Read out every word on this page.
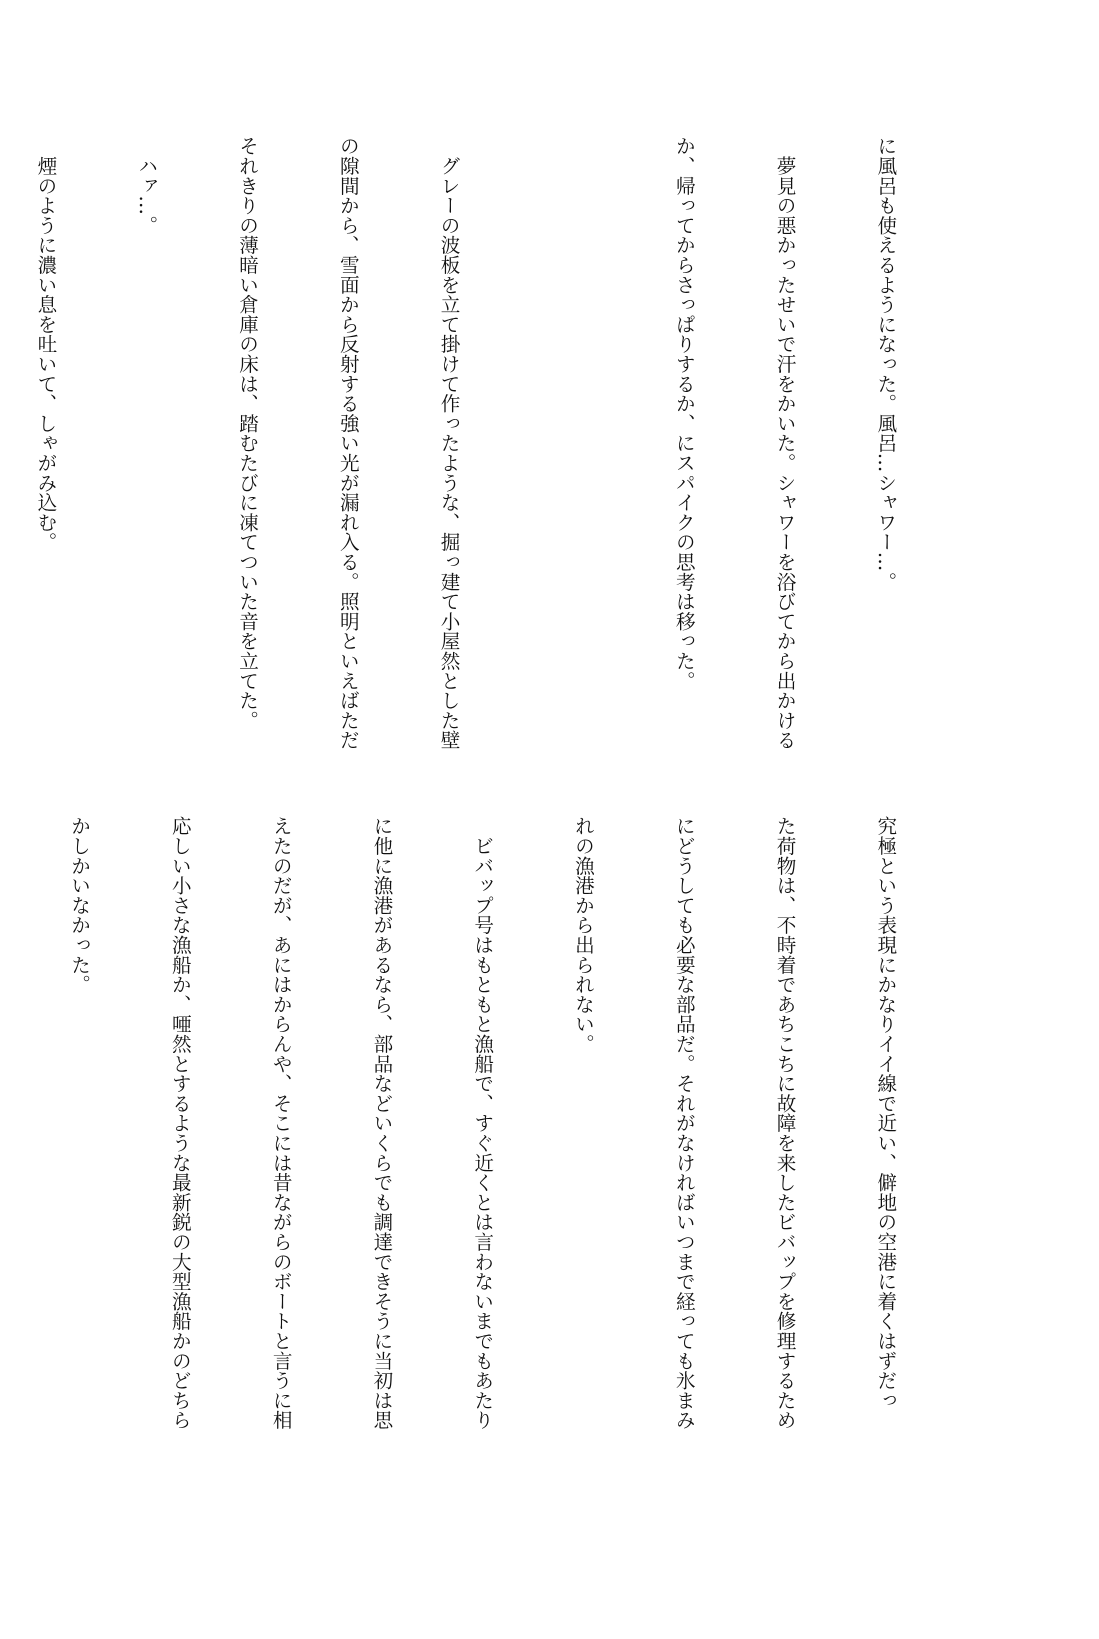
に風呂も使えるようになった。風呂…シャワー…。

　夢見の悪かったせいで汗をかいた。シャワーを浴びてから出かける

か、帰ってからさっぱりするか、にスパイクの思考は移った。

　グレーの波板を立て掛けて作ったような、掘っ建て小屋然とした壁

の隙間から、雪面から反射する強い光が漏れ入る。照明といえばただ

それきりの薄暗い倉庫の床は、踏むたびに凍てついた音を立てた。

　ハァ…。

　煙のように濃い息を吐いて、しゃがみ込む。

究極という表現にかなりイイ線で近い、僻地の空港に着くはずだっ

た荷物は、不時着であちこちに故障を来したビバップを修理するため

にどうしても必要な部品だ。それがなければいつまで経っても氷まみ

れの漁港から出られない。

　ビバップ号はもともと漁船で、すぐ近くとは言わないまでもあたり

に他に漁港があるなら、部品などいくらでも調達できそうに当初は思

えたのだが、あにはからんや、そこには昔ながらのボートと言うに相

応しい小さな漁船か、唖然とするような最新鋭の大型漁船かのどちら

かしかいなかった。
